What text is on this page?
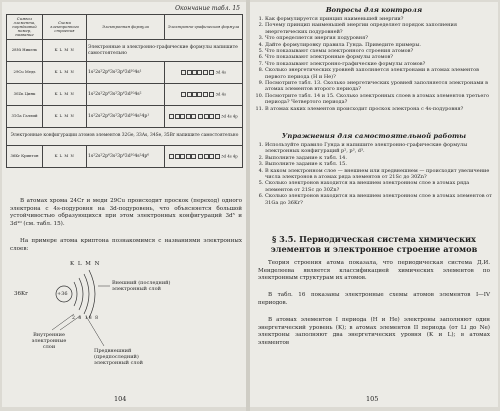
Окончание табл. 15
Символ элемента, порядковый номер, название	Схема электронного строения	Электронная формула	Электронно-графическая формула
28Ni Никель	K L M N	Электронные и электронно-графические формулы напишите самостоятельно	
29Cu Медь	K L M N	1s²2s²2p⁶3s²3p⁶3d¹⁰4s¹	3d 4s
30Zn Цинк	K L M N	1s²2s²2p⁶3s²3p⁶3d¹⁰4s²	3d 4s
31Ga Галлий	K L M N	1s²2s²2p⁶3s²3p⁶3d¹⁰4s²4p¹	3d 4s 4p
Электронные конфигурации атомов элементов 32Ge, 33As, 34Se, 35Br напишите самостоятельно			
36Kr Криптон	K L M N	1s²2s²2p⁶3s²3p⁶3d¹⁰4s²4p⁶	3d 4s 4p

В атомах хрома 24Cr и меди 29Cu происходит проскок (переход) одного электрона с 4s-подуровня на 3d-подуровень, что объясняется большой устойчивостью образующихся при этом электронных конфигураций 3d⁵ и 3d¹⁰ (см. табл. 15).

На примере атома криптона познакомимся с названиями электронных слоев:

36Kr	+36
K L M N
2 8 18 8
Внешний (последний) электронный слой
Внутренние электронные слои
Предвнешний (предпоследний) электронный слой
104

Вопросы для контроля

1. Как формулируется принцип наименьшей энергии?
2. Почему принцип наименьшей энергии определяет порядок заполнения энергетических подуровней?
3. Что определяется энергия подуровня?
4. Дайте формулировку правила Гунда. Приведите примеры.
5. Что показывают схемы электронного строения атомов?
6. Что показывают электронные формулы атомов?
7. Что показывают электронно-графические формулы атомов?
8. Сколько энергетических уровней заполняется электронами в атомах элементов первого периода (H и He)?
9. Посмотрите табл. 13. Сколько энергетических уровней заполняется электронами в атомах элементов второго периода?
10. Посмотрите табл. 14 и 15. Сколько электронных слоев в атомах элементов третьего периода? Четвертого периода?
11. В атомах каких элементов происходит проскок электрона с 4s-подуровня?

Упражнения для самостоятельной работы

1. Используйте правило Гунда и напишите электронно-графические формулы электронных конфигураций p², p³, d³.
2. Выполните задание к табл. 14.
3. Выполните задание к табл. 15.
4. В каком электронном слое — внешнем или предвнешнем — происходит увеличение числа электронов в атомах ряда элементов от 21Sc до 30Zn?
5. Сколько электронов находится на внешнем электронном слое в атомах ряда элементов от 21Sc до 30Zn?
6. Сколько электронов находится на внешнем электронном слое в атомах элементов от 31Ga до 36Kr?

§ 3.5. Периодическая система химических элементов и электронное строение атомов

Теория строения атома показала, что периодическая система Д.И. Менделеева является классификацией химических элементов по электронным структурам их атомов.

В табл. 16 показаны электронные схемы атомов элементов I—IV периодов.

В атомах элементов I периода (H и He) электроны заполняют один энергетический уровень (K); в атомах элементов II периода (от Li до Ne) электроны заполняют два энергетических уровня (K и L); в атомах элементов

105
